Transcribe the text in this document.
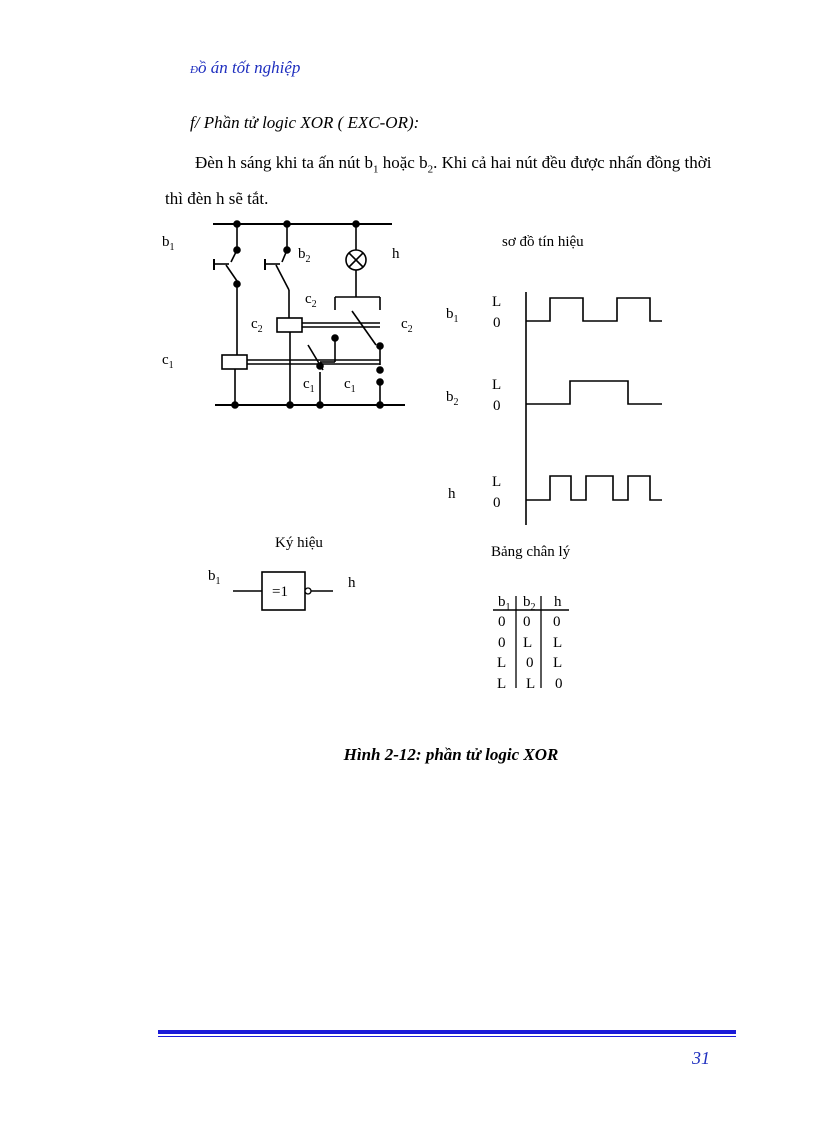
Đồ án tốt nghiệp
f/ Phần tử logic XOR ( EXC-OR):
Đèn h sáng khi ta ấn nút $b_1$ hoặc $b_2$. Khi cả hai nút đều được nhấn đồng thời thì đèn h sẽ tắt.
$b_1$	$b_2$	h
$c_2$
$c_2$	$c_2$
$c_1$
$c_1$ $c_1$
sơ đồ tín hiệu
$b_1$
L
0
$b_2$
L
0
h
L
0
Ký hiệu
$b_1$
=1
h
Bảng chân lý
$b_1$ $b_2$ h
0 0 0
0 L L
L 0 L
L L 0
Hình 2-12: phần tử logic XOR
31
